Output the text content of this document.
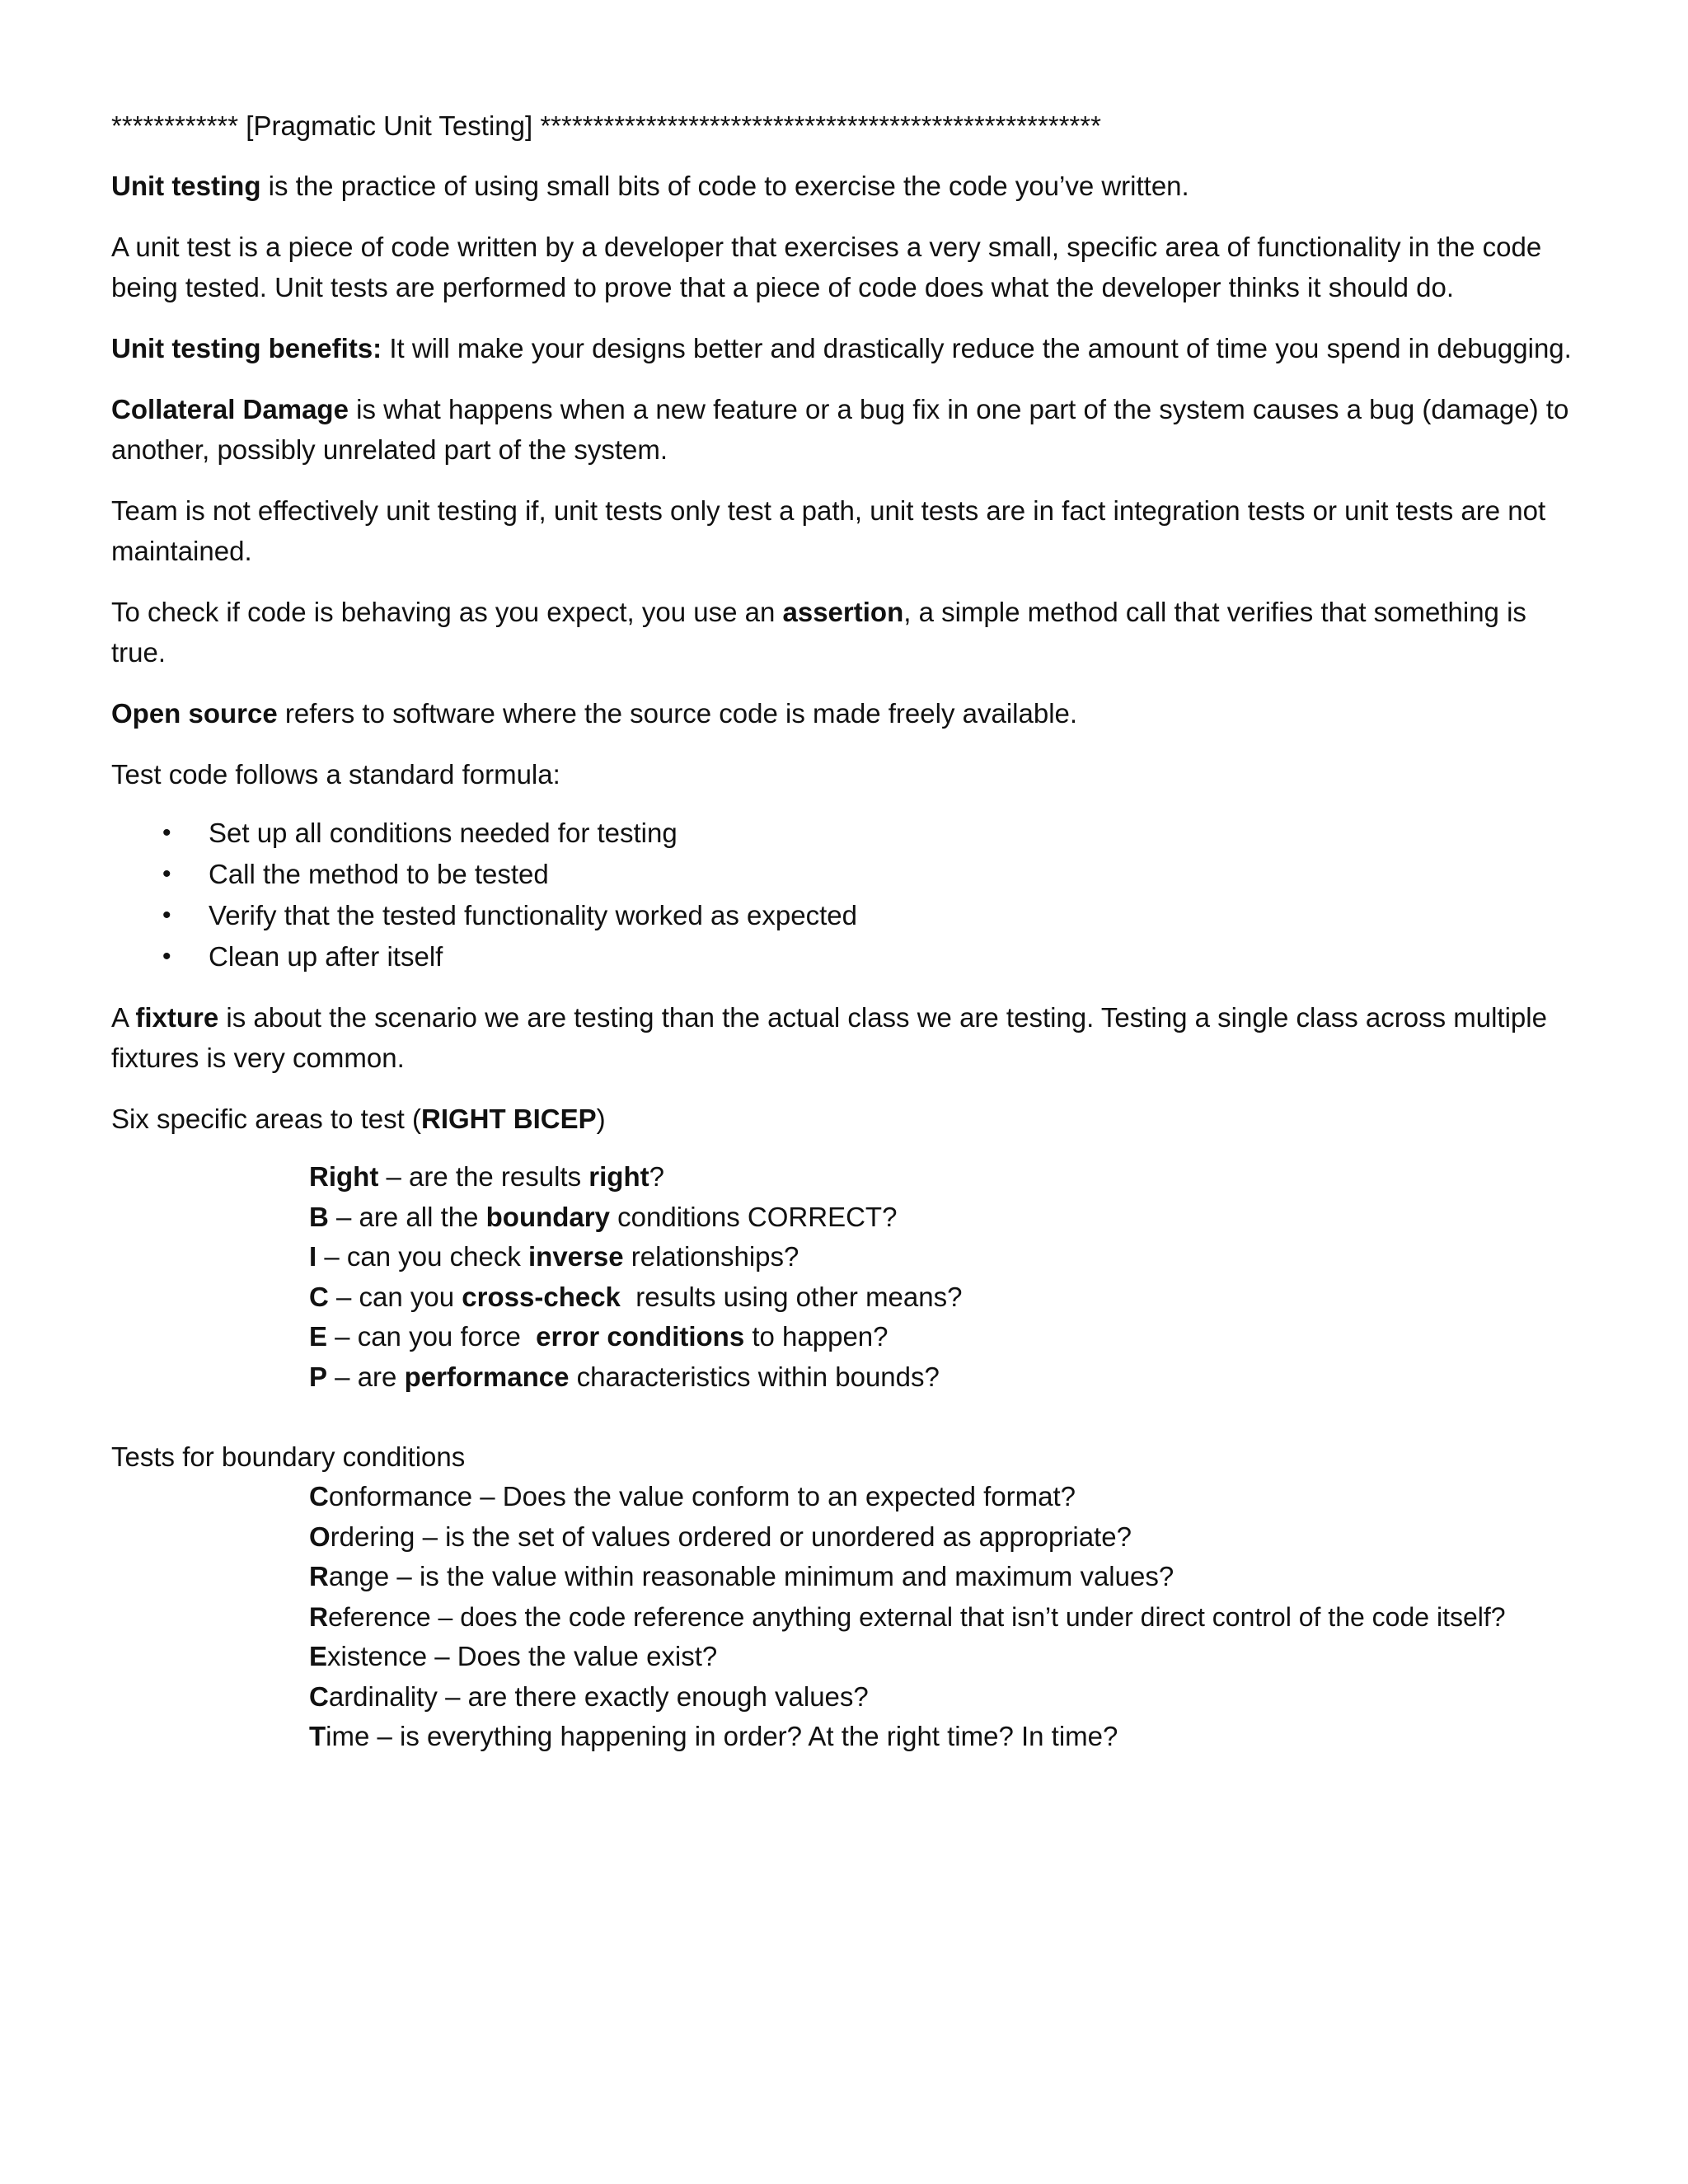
************ [Pragmatic Unit Testing] *****************************************************

Unit testing is the practice of using small bits of code to exercise the code you’ve written.

A unit test is a piece of code written by a developer that exercises a very small, specific area of functionality in the code being tested. Unit tests are performed to prove that a piece of code does what the developer thinks it should do.

Unit testing benefits: It will make your designs better and drastically reduce the amount of time you spend in debugging.

Collateral Damage is what happens when a new feature or a bug fix in one part of the system causes a bug (damage) to another, possibly unrelated part of the system.

Team is not effectively unit testing if, unit tests only test a path, unit tests are in fact integration tests or unit tests are not maintained.

To check if code is behaving as you expect, you use an assertion, a simple method call that verifies that something is true.

Open source refers to software where the source code is made freely available.

Test code follows a standard formula:

• Set up all conditions needed for testing
• Call the method to be tested
• Verify that the tested functionality worked as expected
• Clean up after itself

A fixture is about the scenario we are testing than the actual class we are testing. Testing a single class across multiple fixtures is very common.

Six specific areas to test (RIGHT BICEP)

Right – are the results right?
B – are all the boundary conditions CORRECT?
I – can you check inverse relationships?
C – can you cross-check  results using other means?
E – can you force  error conditions to happen?
P – are performance characteristics within bounds?
Tests for boundary conditions
Conformance – Does the value conform to an expected format?
Ordering – is the set of values ordered or unordered as appropriate?
Range – is the value within reasonable minimum and maximum values?
Reference – does the code reference anything external that isn’t under direct control of the code itself?
Existence – Does the value exist?
Cardinality – are there exactly enough values?
Time – is everything happening in order? At the right time? In time?
